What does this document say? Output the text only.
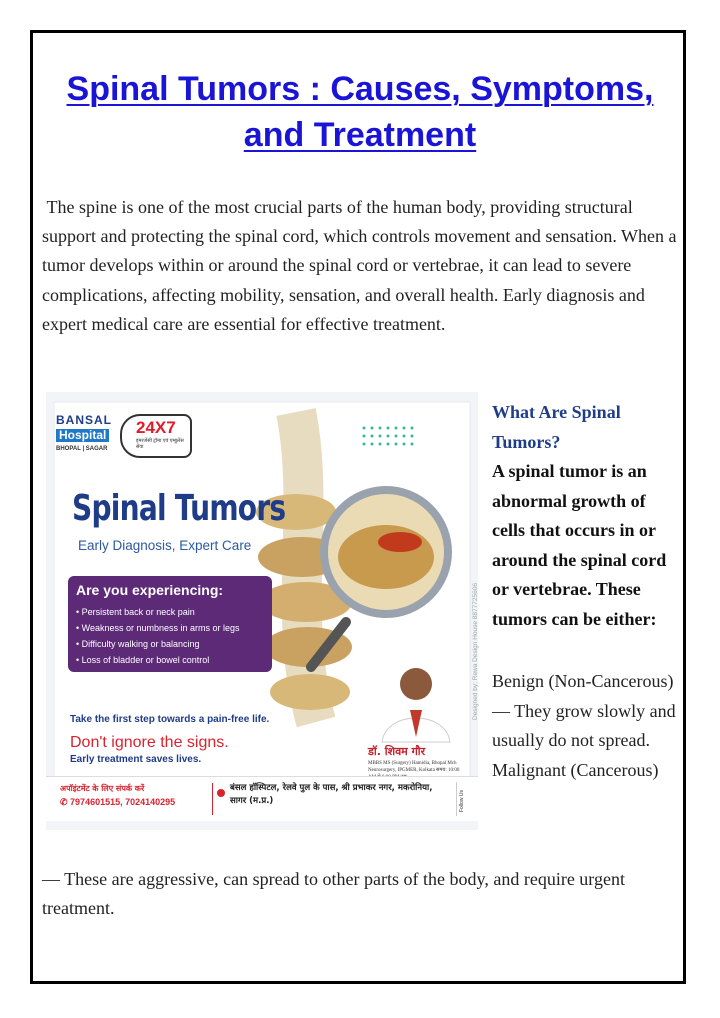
Spinal Tumors : Causes, Symptoms, and Treatment
The spine is one of the most crucial parts of the human body, providing structural support and protecting the spinal cord, which controls movement and sensation. When a tumor develops within or around the spinal cord or vertebrae, it can lead to severe complications, affecting mobility, sensation, and overall health. Early diagnosis and expert medical care are essential for effective treatment.
BANSAL
Hospital
BHOPAL | SAGAR
24X7
इमरजेंसी ट्रॉमा एवं एम्बुलेंस सेवा
Spinal Tumors
Early Diagnosis, Expert Care
Are you experiencing:
• Persistent back or neck pain
• Weakness or numbness in arms or legs
• Difficulty walking or balancing
• Loss of bladder or bowel control
Take the first step towards a pain-free life.
Don't ignore the signs.
Early treatment saves lives.
डॉ. शिवम गौर
MBBS MS (Surgery) Hamidia, Bhopal Mch Neurosurgery, IPGMER, Kolkata समय: 10:00
अपॉइंटमेंट के लिए संपर्क करें
✆ 7974601515, 7024140295
बंसल हॉस्पिटल, रेलवे पुल के पास, श्री प्रभाकर नगर, मकरोनिया, सागर (म.प्र.)	Follow Us
Designed by: Rewa Design House 8877725606
What Are Spinal Tumors?
A spinal tumor is an abnormal growth of cells that occurs in or around the spinal cord or vertebrae. These tumors can be either:
Benign (Non-Cancerous) — They grow slowly and usually do not spread. Malignant (Cancerous)
— These are aggressive, can spread to other parts of the body, and require urgent treatment.
